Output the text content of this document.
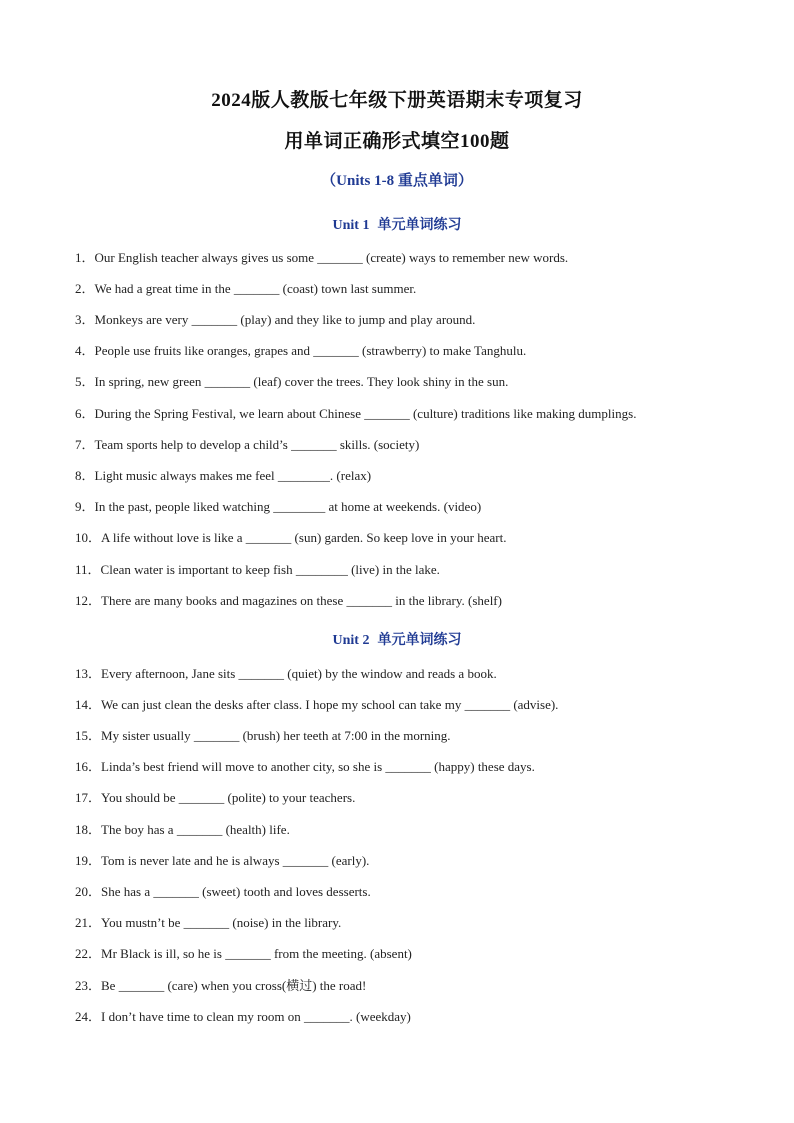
2024版人教版七年级下册英语期末专项复习
用单词正确形式填空100题
（Units 1-8 重点单词）
Unit 1 单元单词练习
1．Our English teacher always gives us some _______ (create) ways to remember new words.
2．We had a great time in the _______ (coast) town last summer.
3．Monkeys are very _______ (play) and they like to jump and play around.
4．People use fruits like oranges, grapes and _______ (strawberry) to make Tanghulu.
5．In spring, new green _______ (leaf) cover the trees. They look shiny in the sun.
6．During the Spring Festival, we learn about Chinese _______ (culture) traditions like making dumplings.
7．Team sports help to develop a child’s _______ skills. (society)
8．Light music always makes me feel ________. (relax)
9．In the past, people liked watching ________ at home at weekends. (video)
10．A life without love is like a _______ (sun) garden. So keep love in your heart.
11．Clean water is important to keep fish ________ (live) in the lake.
12．There are many books and magazines on these _______ in the library. (shelf)
Unit 2 单元单词练习
13．Every afternoon, Jane sits _______ (quiet) by the window and reads a book.
14．We can just clean the desks after class. I hope my school can take my _______ (advise).
15．My sister usually _______ (brush) her teeth at 7:00 in the morning.
16．Linda’s best friend will move to another city, so she is _______ (happy) these days.
17．You should be _______ (polite) to your teachers.
18．The boy has a _______ (health) life.
19．Tom is never late and he is always _______ (early).
20．She has a _______ (sweet) tooth and loves desserts.
21．You mustn’t be _______ (noise) in the library.
22．Mr Black is ill, so he is _______ from the meeting. (absent)
23．Be _______ (care) when you cross(横过) the road!
24．I don’t have time to clean my room on _______. (weekday)
